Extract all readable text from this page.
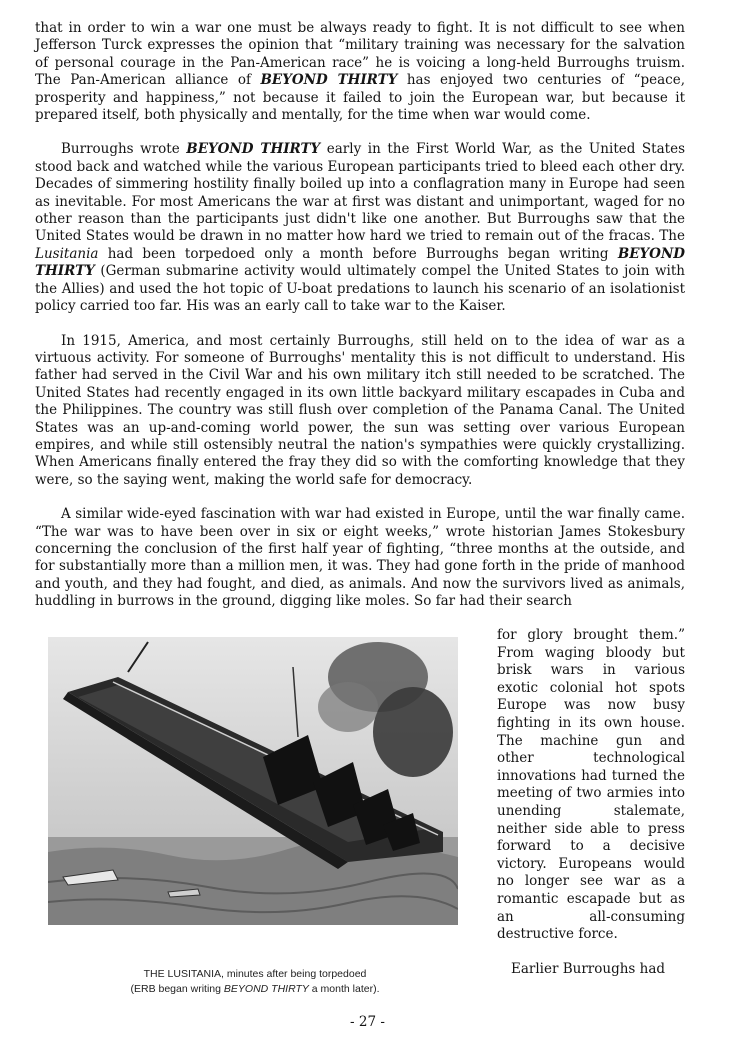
that in order to win a war one must be always ready to fight. It is not difficult to see when Jefferson Turck expresses the opinion that “military training was necessary for the salvation of personal courage in the Pan-American race” he is voicing a long-held Burroughs truism. The Pan-American alliance of BEYOND THIRTY has enjoyed two centuries of “peace, prosperity and happiness,” not because it failed to join the European war, but because it prepared itself, both physically and mentally, for the time when war would come.

Burroughs wrote BEYOND THIRTY early in the First World War, as the United States stood back and watched while the various European participants tried to bleed each other dry. Decades of simmering hostility finally boiled up into a conflagration many in Europe had seen as inevitable. For most Americans the war at first was distant and unimportant, waged for no other reason than the participants just didn't like one another. But Burroughs saw that the United States would be drawn in no matter how hard we tried to remain out of the fracas. The Lusitania had been torpedoed only a month before Burroughs began writing BEYOND THIRTY (German submarine activity would ultimately compel the United States to join with the Allies) and used the hot topic of U-boat predations to launch his scenario of an isolationist policy carried too far. His was an early call to take war to the Kaiser.

In 1915, America, and most certainly Burroughs, still held on to the idea of war as a virtuous activity. For someone of Burroughs' mentality this is not difficult to understand. His father had served in the Civil War and his own military itch still needed to be scratched. The United States had recently engaged in its own little backyard military escapades in Cuba and the Philippines. The country was still flush over completion of the Panama Canal. The United States was an up-and-coming world power, the sun was setting over various European empires, and while still ostensibly neutral the nation's sympathies were quickly crystallizing. When Americans finally entered the fray they did so with the comforting knowledge that they were, so the saying went, making the world safe for democracy.

A similar wide-eyed fascination with war had existed in Europe, until the war finally came. “The war was to have been over in six or eight weeks,” wrote historian James Stokesbury concerning the conclusion of the first half year of fighting, “three months at the outside, and for substantially more than a million men, it was. They had gone forth in the pride of manhood and youth, and they had fought, and died, as animals. And now the survivors lived as animals, huddling in burrows in the ground, digging like moles. So far had their search

THE LUSITANIA, minutes after being torpedoed
(ERB began writing BEYOND THIRTY a month later).
for glory brought them.” From waging bloody but brisk wars in various exotic colonial hot spots Europe was now busy fighting in its own house. The machine gun and other technological innovations had turned the meeting of two armies into unending stalemate, neither side able to press forward to a decisive victory. Europeans would no longer see war as a romantic escapade but as an all-consuming destructive force.
Earlier Burroughs had
- 27 -
